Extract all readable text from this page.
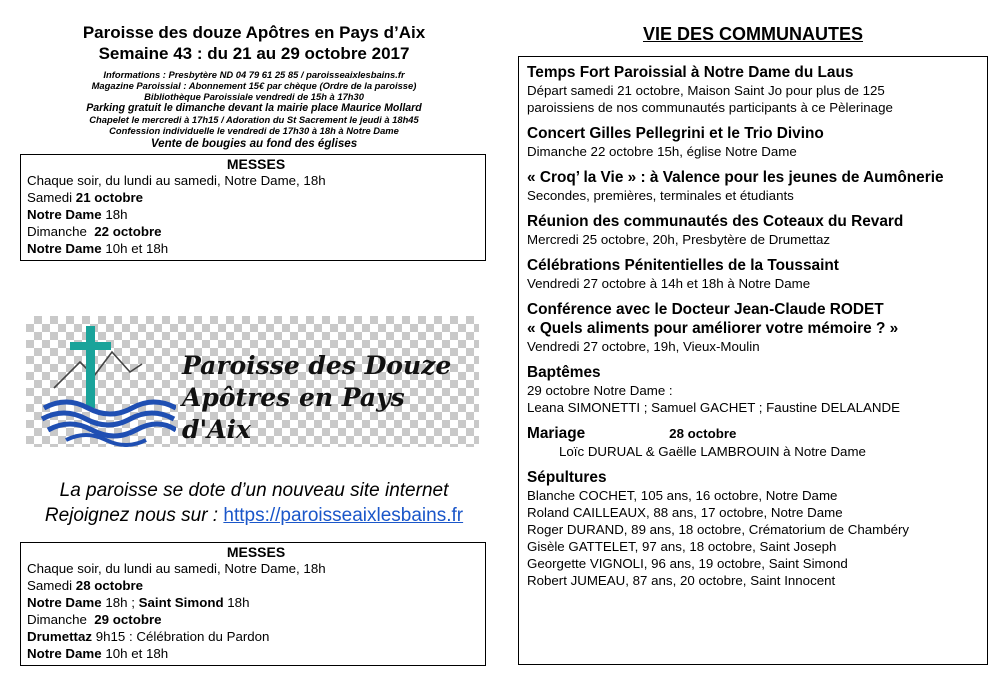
Paroisse des douze Apôtres en Pays d’Aix
Semaine 43 : du 21 au 29 octobre 2017
Informations : Presbytère ND 04 79 61 25 85 / paroisseaixlesbains.fr
Magazine Paroissial : Abonnement 15€ par chèque (Ordre de la paroisse)
Bibliothèque Paroissiale vendredi de 15h à 17h30
Parking gratuit le dimanche devant la mairie place Maurice Mollard
Chapelet le mercredi à 17h15 / Adoration du St Sacrement le jeudi à 18h45
Confession individuelle le vendredi de 17h30 à 18h à Notre Dame
Vente de bougies au fond des églises
MESSES
Chaque soir, du lundi au samedi, Notre Dame, 18h
Samedi 21 octobre
Notre Dame 18h
Dimanche 22 octobre
Notre Dame 10h et 18h
Paroisse des Douze
Apôtres en Pays d'Aix
La paroisse se dote d’un nouveau site internet
Rejoignez nous sur : https://paroisseaixlesbains.fr
MESSES
Chaque soir, du lundi au samedi, Notre Dame, 18h
Samedi 28 octobre
Notre Dame 18h ; Saint Simond 18h
Dimanche 29 octobre
Drumettaz 9h15 : Célébration du Pardon
Notre Dame 10h et 18h
VIE DES COMMUNAUTES
Temps Fort Paroissial à Notre Dame du Laus
Départ samedi 21 octobre, Maison Saint Jo pour plus de 125
paroissiens de nos communautés participants à ce Pèlerinage
Concert Gilles Pellegrini et le Trio Divino
Dimanche 22 octobre 15h, église Notre Dame
« Croq’ la Vie » : à Valence pour les jeunes de Aumônerie
Secondes, premières, terminales et étudiants
Réunion des communautés des Coteaux du Revard
Mercredi 25 octobre, 20h, Presbytère de Drumettaz
Célébrations Pénitentielles de la Toussaint
Vendredi 27 octobre à 14h et 18h à Notre Dame
Conférence avec le Docteur Jean-Claude RODET
« Quels aliments pour améliorer votre mémoire ? »
Vendredi 27 octobre, 19h, Vieux-Moulin
Baptêmes
29 octobre Notre Dame :
Leana SIMONETTI ; Samuel GACHET ; Faustine DELALANDE
Mariage	28 octobre
Loïc DURUAL & Gaëlle LAMBROUIN à Notre Dame
Sépultures
Blanche COCHET, 105 ans, 16 octobre, Notre Dame
Roland CAILLEAUX, 88 ans, 17 octobre, Notre Dame
Roger DURAND, 89 ans, 18 octobre, Crématorium de Chambéry
Gisèle GATTELET, 97 ans, 18 octobre, Saint Joseph
Georgette VIGNOLI, 96 ans, 19 octobre, Saint Simond
Robert JUMEAU, 87 ans, 20 octobre, Saint Innocent
